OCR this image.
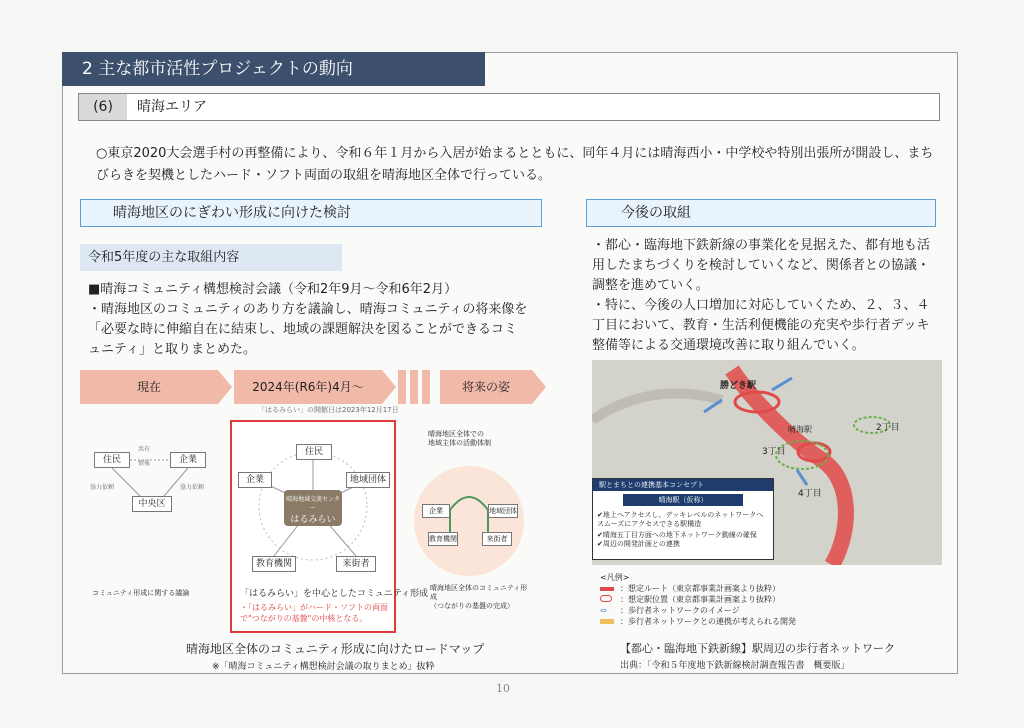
2 主な都市活性プロジェクトの動向
(6)	晴海エリア
○東京2020大会選手村の再整備により、令和６年１月から入居が始まるとともに、同年４月には晴海西小・中学校や特別出張所が開設し、まちびらきを契機としたハード・ソフト両面の取組を晴海地区全体で行っている。
晴海地区のにぎわい形成に向けた検討	今後の取組
令和5年度の主な取組内容

■晴海コミュニティ構想検討会議（令和2年9月～令和6年2月）

・晴海地区のコミュニティのあり方を議論し、晴海コミュニティの将来像を「必要な時に伸縮自在に結束し、地域の課題解決を図ることができるコミュニティ」と取りまとめた。

・都心・臨海地下鉄新線の事業化を見据えた、都有地も活用したまちづくりを検討していくなど、関係者との協議・調整を進めていく。

・特に、今後の人口増加に対応していくため、２、３、４丁目において、教育・生活利便機能の充実や歩行者デッキ整備等による交通環境改善に取り組んでいく。

現在	2024年(R6年)4月～	将来の姿
「はるみらい」の開館日は2023年12月17日
住民	企業
中央区
共有
情報
協力依頼	協力依頼
コミュニティ形成に関する議論
住民
企業	地域団体
教育機関	来街者
晴海地域交流センター
はるみらい
「はるみらい」を中心としたコミュニティ形成
・「はるみらい」がハード・ソフトの両面で"つながりの基盤"の中核となる。
晴海地区全体での
地域主体の活動体制
企業	地域団体
教育機関	来街者
晴海地区全体のコミュニティ形成
（つながりの基盤の完成）
晴海地区全体のコミュニティ形成に向けたロードマップ
※「晴海コミュニティ構想検討会議の取りまとめ」抜粋
勝どき駅
晴海駅	2丁目
3丁目
4丁目
駅とまちとの連携基本コンセプト
晴海駅（仮称）
✔地上へアクセスし、デッキレベルのネットワークへスムーズにアクセスできる駅構造
✔晴海五丁目方面への地下ネットワーク動線の確保
✔周辺の開発計画との連携
<凡例>
：想定ルート（東京都事業計画案より抜粋）
：想定駅位置（東京都事業計画案より抜粋）
⇔ ：歩行者ネットワークのイメージ
：歩行者ネットワークとの連携が考えられる開発
【都心・臨海地下鉄新線】駅周辺の歩行者ネットワーク
出典：「令和５年度地下鉄新線検討調査報告書　概要版」
10
